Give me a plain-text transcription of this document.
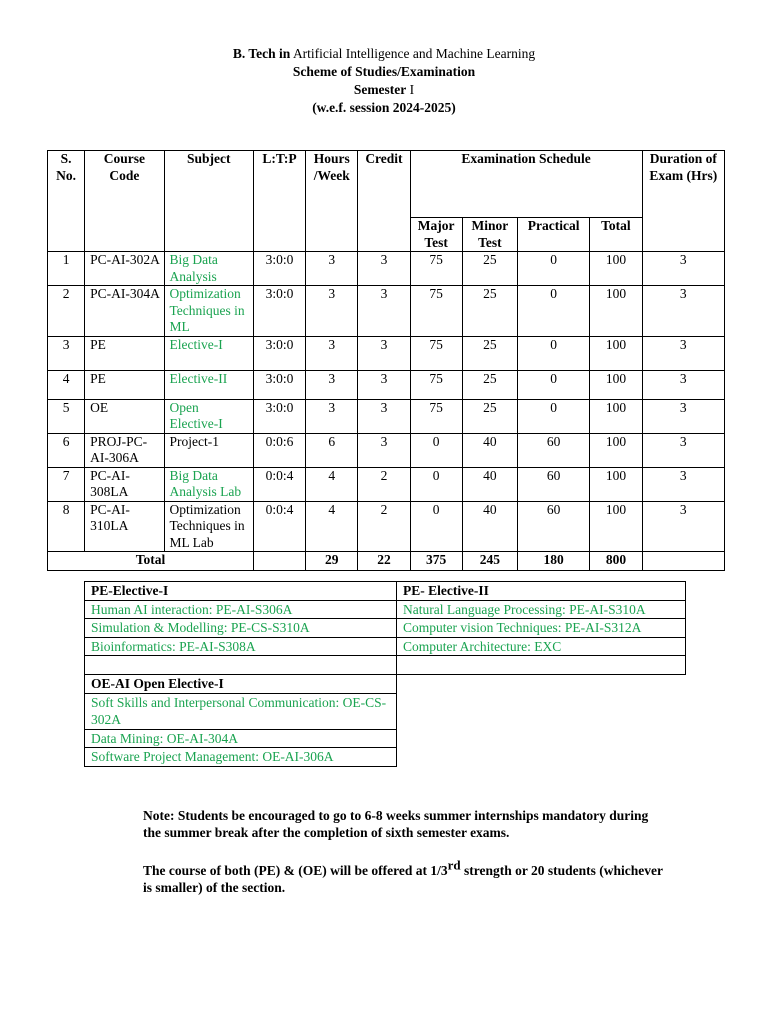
B. Tech in Artificial Intelligence and Machine Learning
Scheme of Studies/Examination
Semester I
(w.e.f. session 2024-2025)
S. No.	Course Code	Subject	L:T:P	Hours /Week	Credit	Examination Schedule				Duration of Exam (Hrs)
						Major Test	Minor Test	Practical	Total	
1	PC-AI-302A	Big Data Analysis	3:0:0	3	3	75	25	0	100	3
2	PC-AI-304A	Optimization Techniques in ML	3:0:0	3	3	75	25	0	100	3
3	PE	Elective-I	3:0:0	3	3	75	25	0	100	3
4	PE	Elective-II	3:0:0	3	3	75	25	0	100	3
5	OE	Open Elective-I	3:0:0	3	3	75	25	0	100	3
6	PROJ-PC-AI-306A	Project-1	0:0:6	6	3	0	40	60	100	3
7	PC-AI-308LA	Big Data Analysis Lab	0:0:4	4	2	0	40	60	100	3
8	PC-AI-310LA	Optimization Techniques in ML Lab	0:0:4	4	2	0	40	60	100	3
Total				29	22	375	245	180	800	
PE-Elective-I	PE- Elective-II
Human AI interaction: PE-AI-S306A	Natural Language Processing: PE-AI-S310A
Simulation & Modelling: PE-CS-S310A	Computer vision Techniques: PE-AI-S312A
Bioinformatics: PE-AI-S308A	Computer Architecture: EXC

OE-AI Open Elective-I	
Soft Skills and Interpersonal Communication: OE-CS- 302A	
Data Mining: OE-AI-304A	
Software Project Management: OE-AI-306A	
Note: Students be encouraged to go to 6-8 weeks summer internships mandatory during the summer break after the completion of sixth semester exams.
The course of both (PE) & (OE) will be offered at 1/3rd strength or 20 students (whichever is smaller) of the section.
